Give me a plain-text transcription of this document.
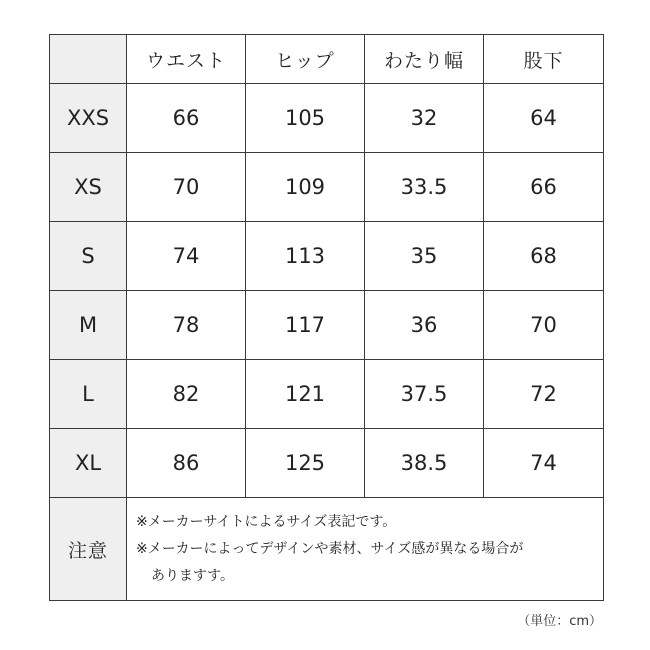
	ウエスト	ヒップ	わたり幅	股下
XXS	66	105	32	64
XS	70	109	33.5	66
S	74	113	35	68
M	78	117	36	70
L	82	121	37.5	72
XL	86	125	38.5	74
注意	※メーカーサイトによるサイズ表記です。
※メーカーによってデザインや素材、サイズ感が異なる場合が
ありますす。			
（単位：cm）
